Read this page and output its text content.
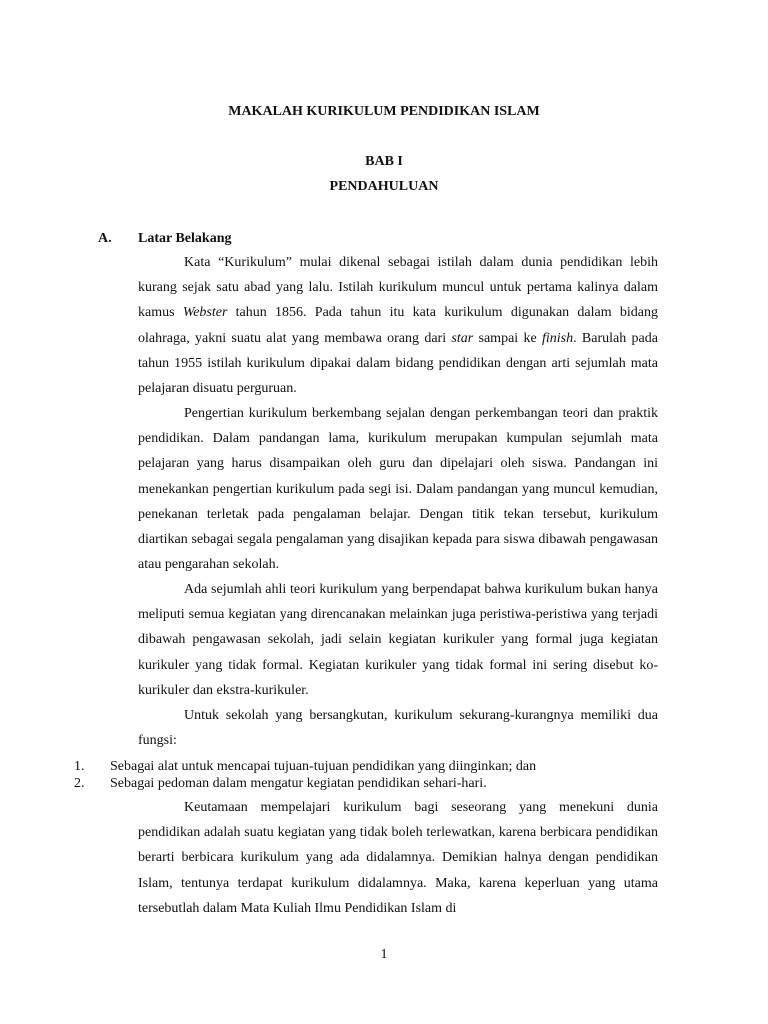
MAKALAH KURIKULUM PENDIDIKAN ISLAM
BAB I
PENDAHULUAN
A. Latar Belakang

Kata “Kurikulum” mulai dikenal sebagai istilah dalam dunia pendidikan lebih kurang sejak satu abad yang lalu. Istilah kurikulum muncul untuk pertama kalinya dalam kamus Webster tahun 1856. Pada tahun itu kata kurikulum digunakan dalam bidang olahraga, yakni suatu alat yang membawa orang dari star sampai ke finish. Barulah pada tahun 1955 istilah kurikulum dipakai dalam bidang pendidikan dengan arti sejumlah mata pelajaran disuatu perguruan.

Pengertian kurikulum berkembang sejalan dengan perkembangan teori dan praktik pendidikan. Dalam pandangan lama, kurikulum merupakan kumpulan sejumlah mata pelajaran yang harus disampaikan oleh guru dan dipelajari oleh siswa. Pandangan ini menekankan pengertian kurikulum pada segi isi. Dalam pandangan yang muncul kemudian, penekanan terletak pada pengalaman belajar. Dengan titik tekan tersebut, kurikulum diartikan sebagai segala pengalaman yang disajikan kepada para siswa dibawah pengawasan atau pengarahan sekolah.

Ada sejumlah ahli teori kurikulum yang berpendapat bahwa kurikulum bukan hanya meliputi semua kegiatan yang direncanakan melainkan juga peristiwa-peristiwa yang terjadi dibawah pengawasan sekolah, jadi selain kegiatan kurikuler yang formal juga kegiatan kurikuler yang tidak formal. Kegiatan kurikuler yang tidak formal ini sering disebut ko-kurikuler dan ekstra-kurikuler.

Untuk sekolah yang bersangkutan, kurikulum sekurang-kurangnya memiliki dua fungsi:

1. Sebagai alat untuk mencapai tujuan-tujuan pendidikan yang diinginkan; dan
2. Sebagai pedoman dalam mengatur kegiatan pendidikan sehari-hari.

Keutamaan mempelajari kurikulum bagi seseorang yang menekuni dunia pendidikan adalah suatu kegiatan yang tidak boleh terlewatkan, karena berbicara pendidikan berarti berbicara kurikulum yang ada didalamnya. Demikian halnya dengan pendidikan Islam, tentunya terdapat kurikulum didalamnya. Maka, karena keperluan yang utama tersebutlah dalam Mata Kuliah Ilmu Pendidikan Islam di

1
